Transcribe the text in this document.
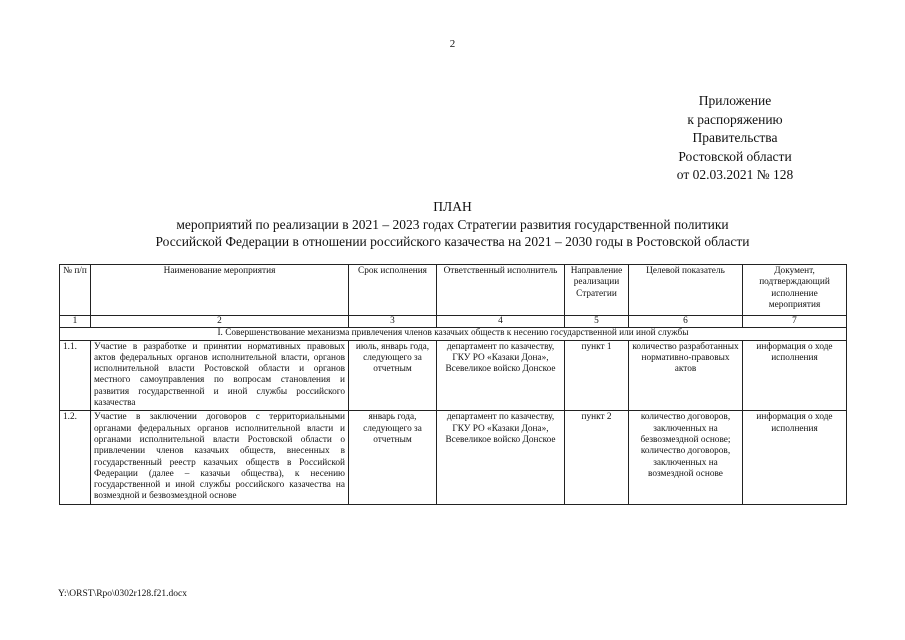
2
Приложение
к распоряжению
Правительства
Ростовской области
от 02.03.2021 № 128
ПЛАН
мероприятий по реализации в 2021 – 2023 годах Стратегии развития государственной политики
Российской Федерации в отношении российского казачества на 2021 – 2030 годы в Ростовской области
№ п/п	Наименование мероприятия	Срок исполнения	Ответственный исполнитель	Направление реализации Стратегии	Целевой показатель	Документ, подтверждающий исполнение мероприятия
1	2	3	4	5	6	7
I. Совершенствование механизма привлечения членов казачьих обществ к несению государственной или иной службы						
1.1.	Участие в разработке и принятии нормативных правовых актов федеральных органов исполнительной власти, органов исполнительной власти Ростовской области и органов местного самоуправления по вопросам становления и развития государственной и иной службы российского казачества	июль, январь года, следующего за отчетным	департамент по казачеству, ГКУ РО «Казаки Дона», Всевеликое войско Донское	пункт 1	количество разработанных нормативно-правовых актов	информация о ходе исполнения
1.2.	Участие в заключении договоров с территориальными органами федеральных органов исполнительной власти и органами исполнительной власти Ростовской области о привлечении членов казачьих обществ, внесенных в государственный реестр казачьих обществ в Российской Федерации (далее – казачьи общества), к несению государственной и иной службы российского казачества на возмездной и безвозмездной основе	январь года, следующего за отчетным	департамент по казачеству, ГКУ РО «Казаки Дона», Всевеликое войско Донское	пункт 2	количество договоров, заключенных на безвозмездной основе; количество договоров, заключенных на возмездной основе	информация о ходе исполнения
Y:\ORST\Rpo\0302r128.f21.docx
